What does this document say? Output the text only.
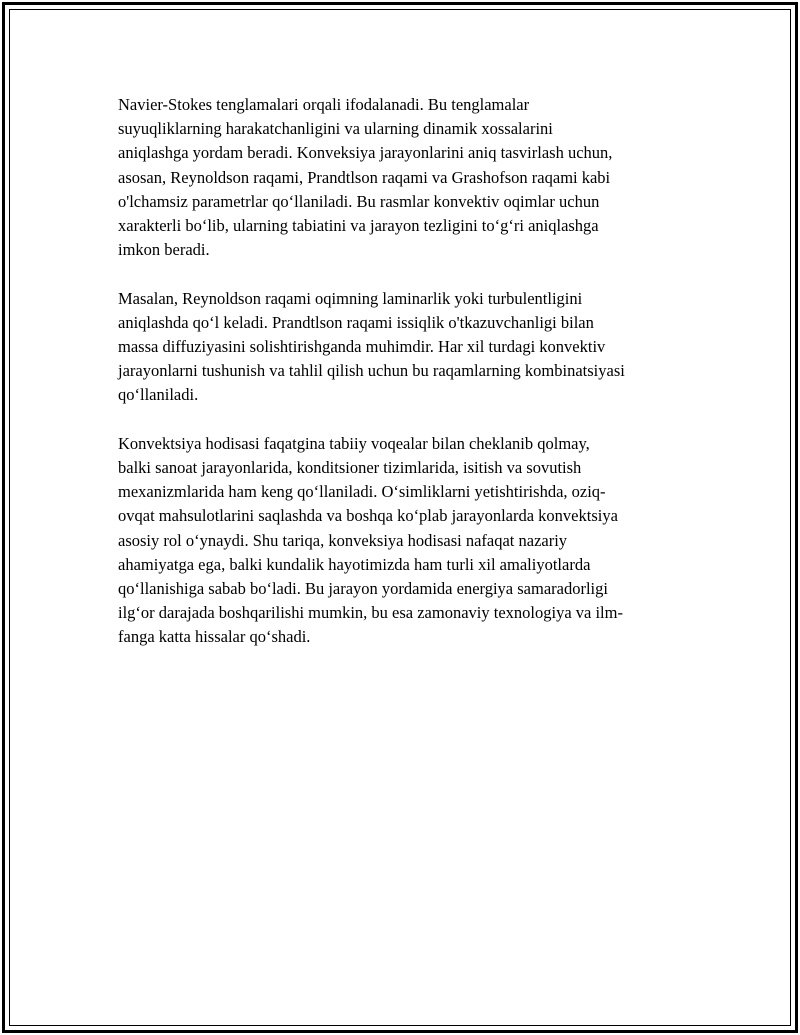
Navier-Stokes tenglamalari orqali ifodalanadi. Bu tenglamalar
suyuqliklarning harakatchanligini va ularning dinamik xossalarini
aniqlashga yordam beradi. Konveksiya jarayonlarini aniq tasvirlash uchun,
asosan, Reynoldson raqami, Prandtlson raqami va Grashofson raqami kabi
o'lchamsiz parametrlar qo‘llaniladi. Bu rasmlar konvektiv oqimlar uchun
xarakterli bo‘lib, ularning tabiatini va jarayon tezligini to‘g‘ri aniqlashga
imkon beradi.

Masalan, Reynoldson raqami oqimning laminarlik yoki turbulentligini
aniqlashda qo‘l keladi. Prandtlson raqami issiqlik o'tkazuvchanligi bilan
massa diffuziyasini solishtirishganda muhimdir. Har xil turdagi konvektiv
jarayonlarni tushunish va tahlil qilish uchun bu raqamlarning kombinatsiyasi
qo‘llaniladi.

Konvektsiya hodisasi faqatgina tabiiy voqealar bilan cheklanib qolmay,
balki sanoat jarayonlarida, konditsioner tizimlarida, isitish va sovutish
mexanizmlarida ham keng qo‘llaniladi. O‘simliklarni yetishtirishda, oziq-
ovqat mahsulotlarini saqlashda va boshqa ko‘plab jarayonlarda konvektsiya
asosiy rol o‘ynaydi. Shu tariqa, konveksiya hodisasi nafaqat nazariy
ahamiyatga ega, balki kundalik hayotimizda ham turli xil amaliyotlarda
qo‘llanishiga sabab bo‘ladi. Bu jarayon yordamida energiya samaradorligi
ilg‘or darajada boshqarilishi mumkin, bu esa zamonaviy texnologiya va ilm-
fanga katta hissalar qo‘shadi.
